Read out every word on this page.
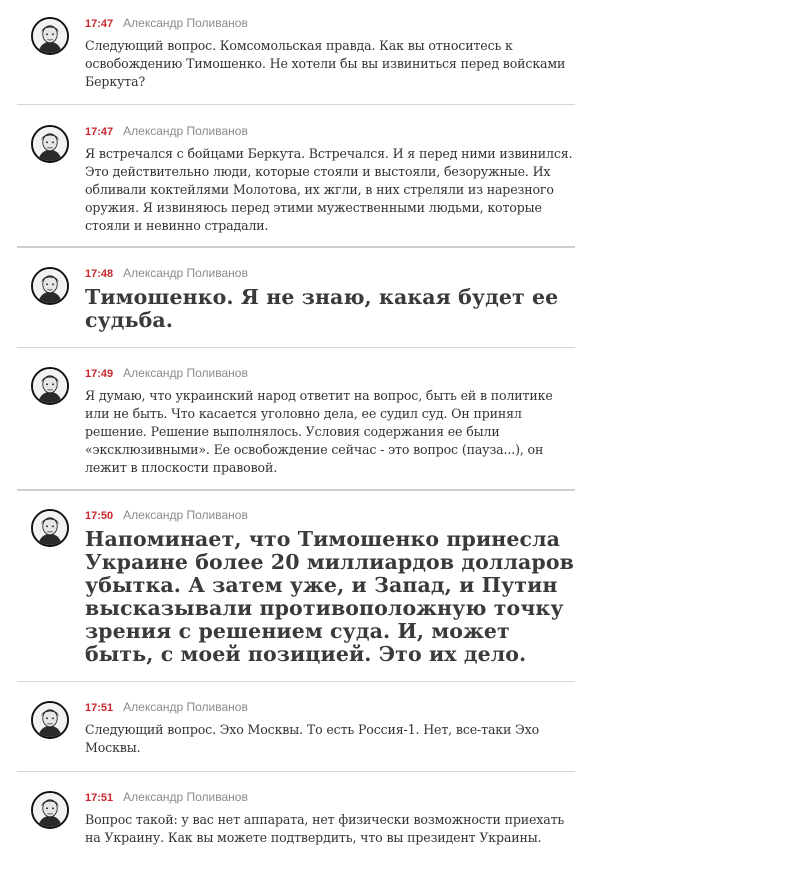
17:47 Александр Поливанов
Следующий вопрос. Комсомольская правда. Как вы относитесь к освобождению Тимошенко. Не хотели бы вы извиниться перед войсками Беркута?
17:47 Александр Поливанов
Я встречался с бойцами Беркута. Встречался. И я перед ними извинился. Это действительно люди, которые стояли и выстояли, безоружные. Их обливали коктейлями Молотова, их жгли, в них стреляли из нарезного оружия. Я извиняюсь перед этими мужественными людьми, которые стояли и невинно страдали.
17:48 Александр Поливанов
Тимошенко. Я не знаю, какая будет ее судьба.
17:49 Александр Поливанов
Я думаю, что украинский народ ответит на вопрос, быть ей в политике или не быть. Что касается уголовно дела, ее судил суд. Он принял решение. Решение выполнялось. Условия содержания ее были «эксклюзивными». Ее освобождение сейчас - это вопрос (пауза...), он лежит в плоскости правовой.
17:50 Александр Поливанов
Напоминает, что Тимошенко принесла Украине более 20 миллиардов долларов убытка. А затем уже, и Запад, и Путин высказывали противоположную точку зрения с решением суда. И, может быть, с моей позицией. Это их дело.
17:51 Александр Поливанов
Следующий вопрос. Эхо Москвы. То есть Россия-1. Нет, все-таки Эхо Москвы.
17:51 Александр Поливанов
Вопрос такой: у вас нет аппарата, нет физически возможности приехать на Украину. Как вы можете подтвердить, что вы президент Украины.
